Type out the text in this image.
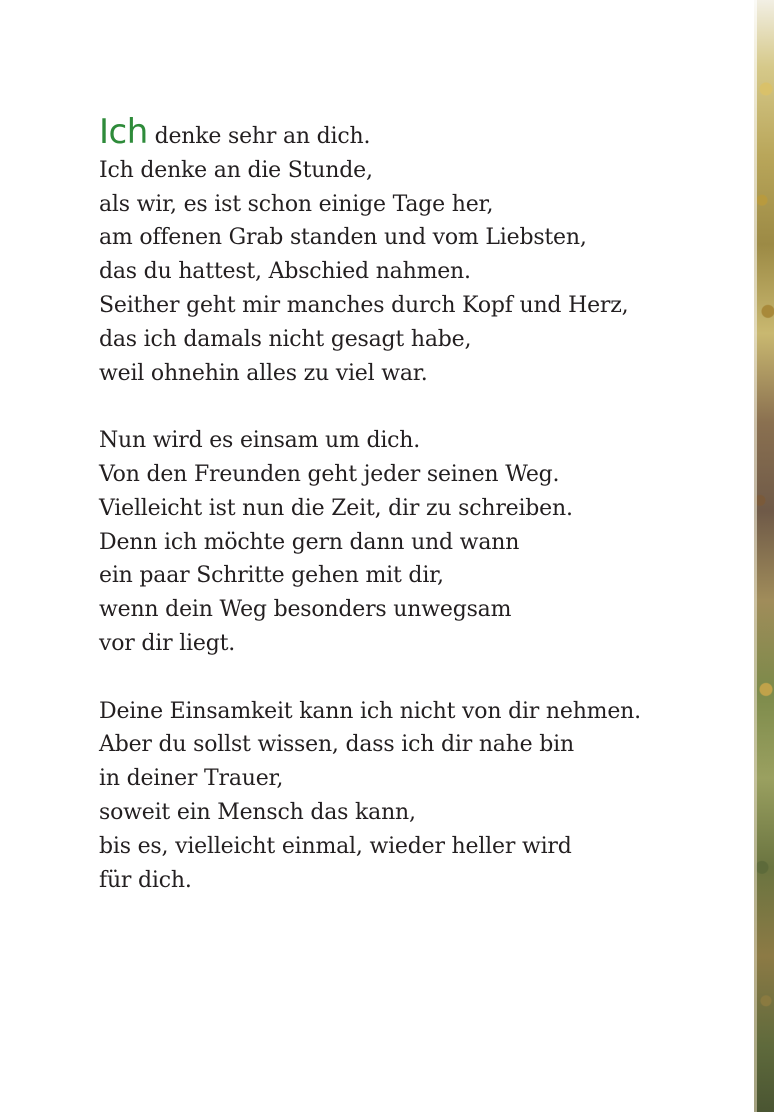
Ich denke sehr an dich.
Ich denke an die Stunde,
als wir, es ist schon einige Tage her,
am offenen Grab standen und vom Liebsten,
das du hattest, Abschied nahmen.
Seither geht mir manches durch Kopf und Herz,
das ich damals nicht gesagt habe,
weil ohnehin alles zu viel war.
Nun wird es einsam um dich.
Von den Freunden geht jeder seinen Weg.
Vielleicht ist nun die Zeit, dir zu schreiben.
Denn ich möchte gern dann und wann
ein paar Schritte gehen mit dir,
wenn dein Weg besonders unwegsam
vor dir liegt.
Deine Einsamkeit kann ich nicht von dir nehmen.
Aber du sollst wissen, dass ich dir nahe bin
in deiner Trauer,
soweit ein Mensch das kann,
bis es, vielleicht einmal, wieder heller wird
für dich.
